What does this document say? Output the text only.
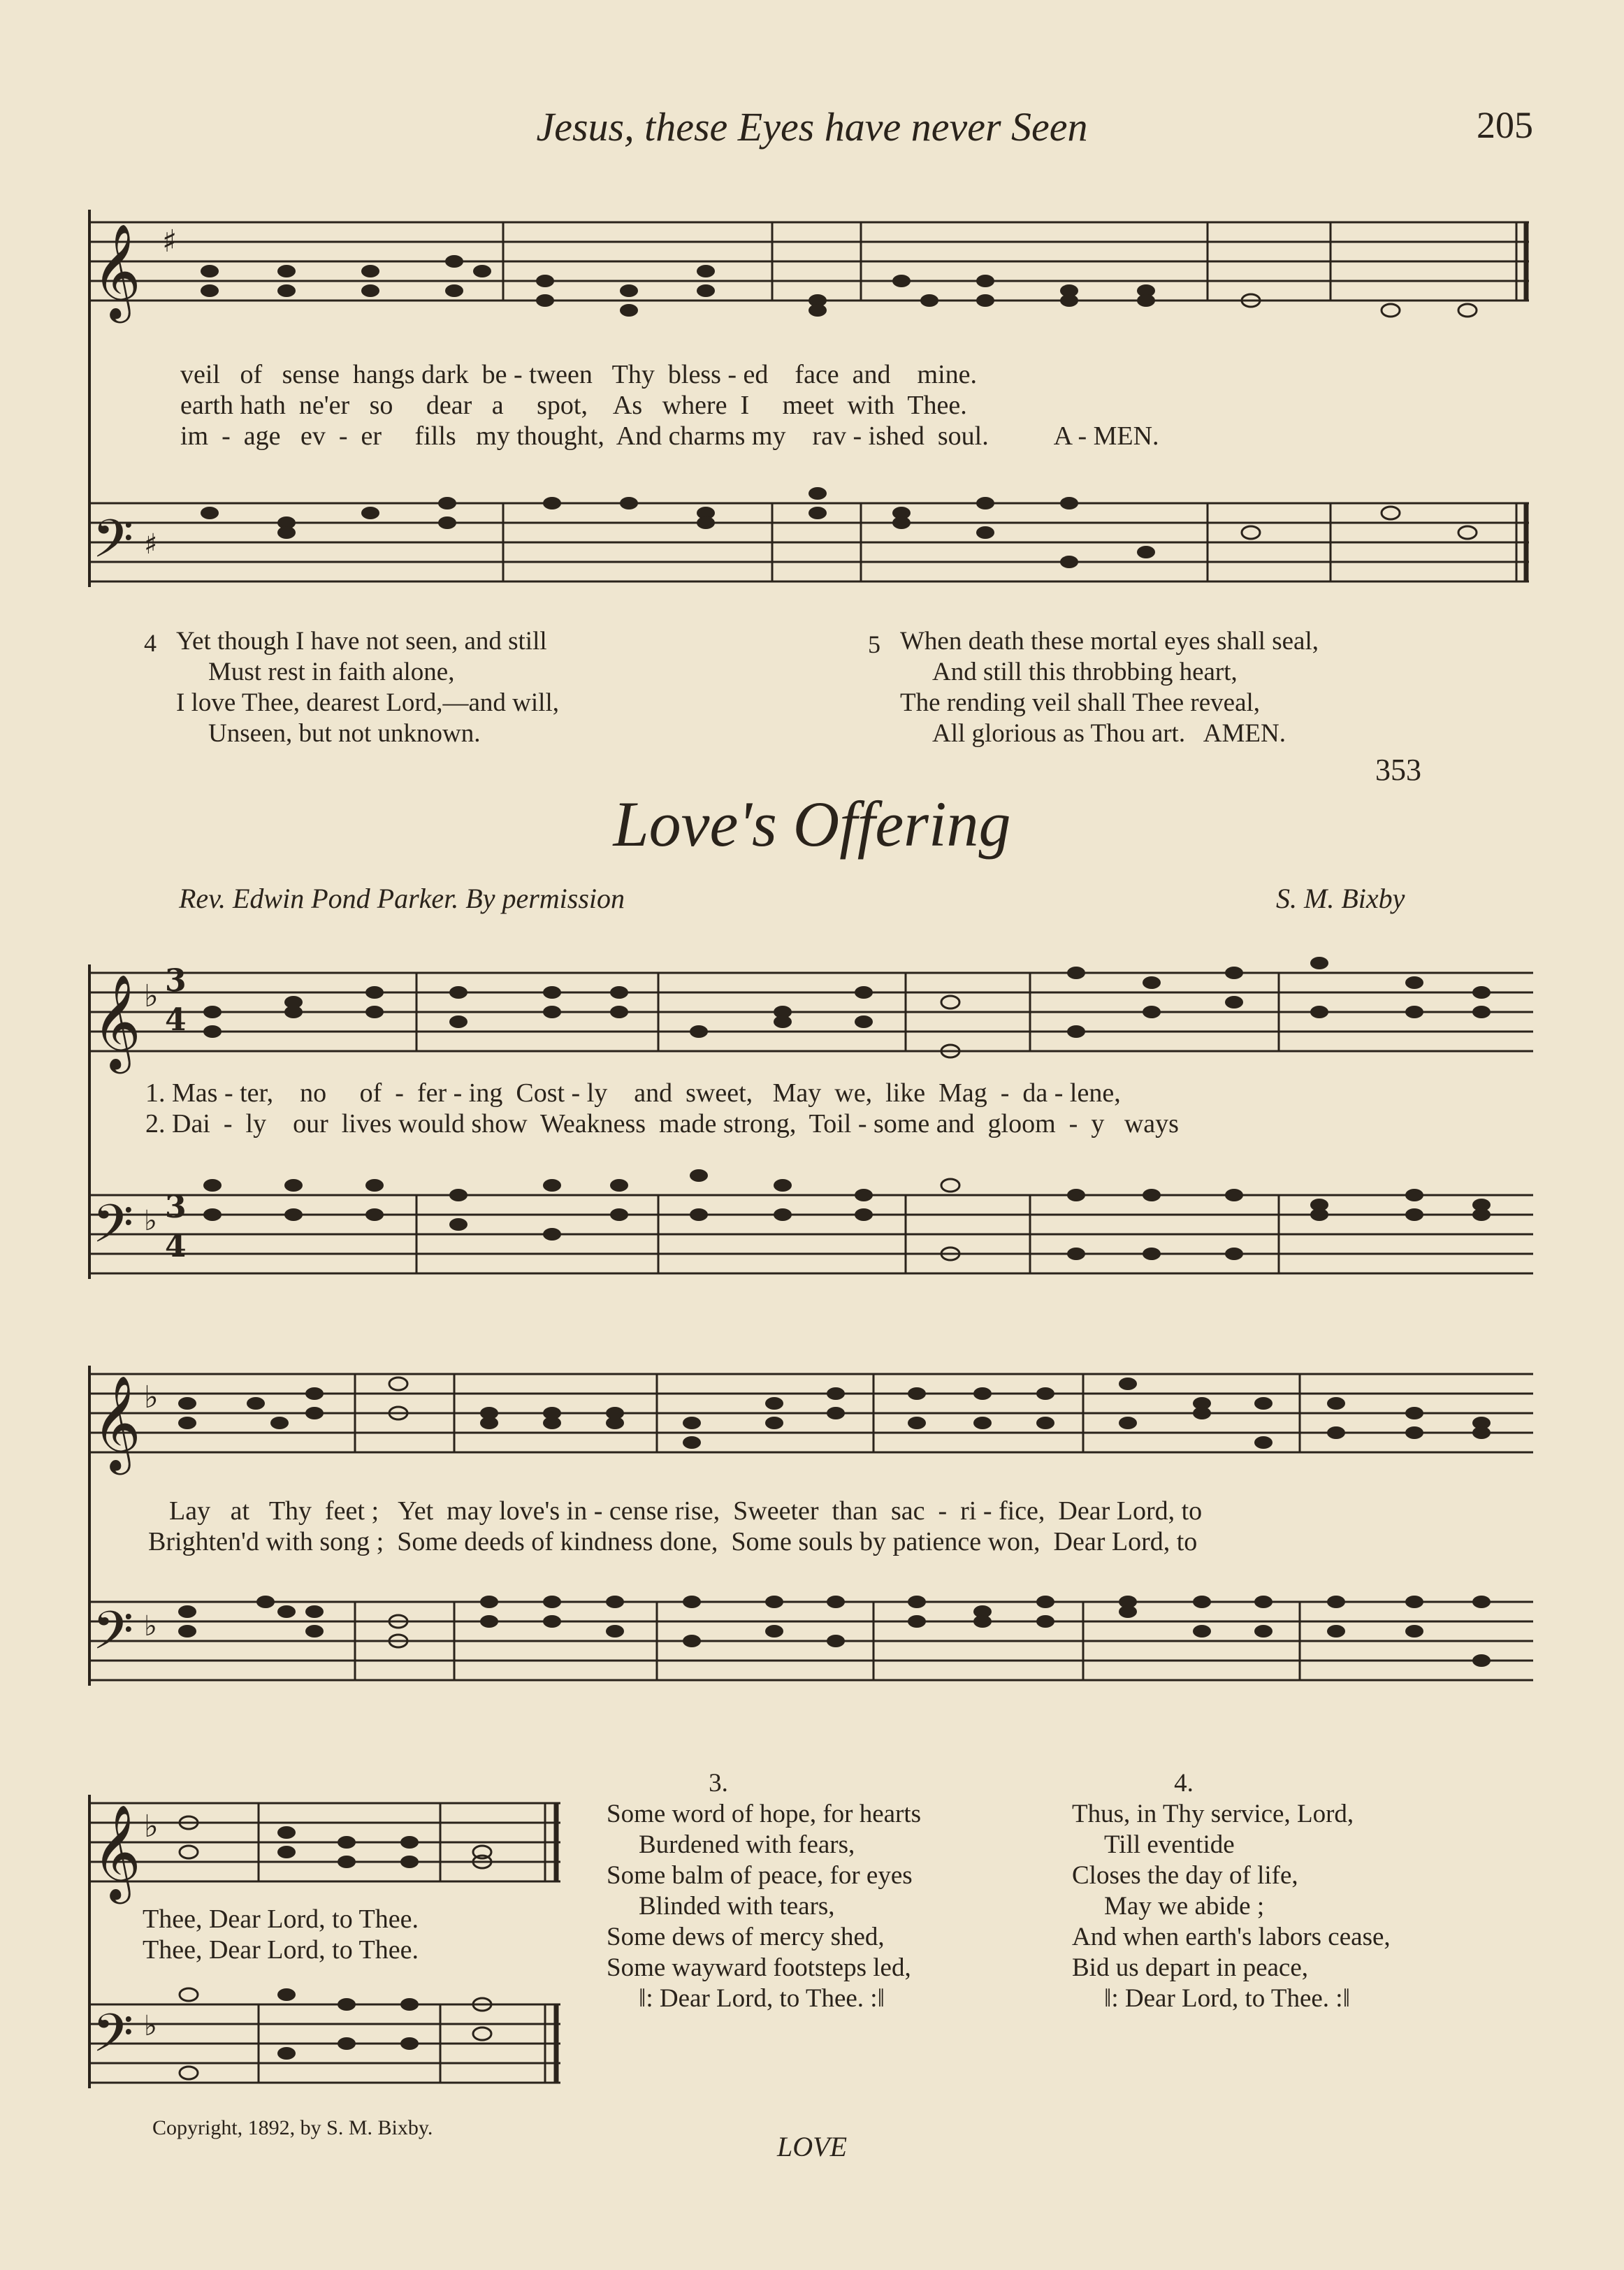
Jesus, these Eyes have never Seen	205
𝄞
𝄢
♯
♯
veil   of   sense  hangs dark  be - tween   Thy  bless - ed    face  and    mine.
earth hath  ne'er   so     dear   a     spot,    As   where  I     meet  with  Thee.
im  -  age   ev  -  er     fills   my thought,  And charms my    rav - ished  soul.          A - MEN.
4 Yet though I have not seen, and still
Must rest in faith alone,
I love Thee, dearest Lord,—and will,
Unseen, but not unknown.
5 When death these mortal eyes shall seal,
And still this throbbing heart,
The rending veil shall Thee reveal,
All glorious as Thou art.   AMEN.
353
Love's Offering
Rev. Edwin Pond Parker. By permission	S. M. Bixby
𝄞
𝄢
𝄞
𝄢
𝄞
𝄢
♭
♭
♭
♭
♭
♭
3
4
3
4
1. Mas - ter,    no     of  -  fer - ing  Cost - ly    and  sweet,   May  we,  like  Mag  -  da - lene,
2. Dai  -  ly    our  lives would show  Weakness  made strong,  Toil - some and  gloom  -  y   ways
Lay   at   Thy  feet ;   Yet  may love's in - cense rise,  Sweeter  than  sac  -  ri - fice,  Dear Lord, to
Brighten'd with song ;  Some deeds of kindness done,  Some souls by patience won,  Dear Lord, to
Thee, Dear Lord, to Thee.
Thee, Dear Lord, to Thee.
3.
Some word of hope, for hearts
Burdened with fears,
Some balm of peace, for eyes
Blinded with tears,
Some dews of mercy shed,
Some wayward footsteps led,
‖: Dear Lord, to Thee. :‖
4.
Thus, in Thy service, Lord,
Till eventide
Closes the day of life,
May we abide ;
And when earth's labors cease,
Bid us depart in peace,
‖: Dear Lord, to Thee. :‖
Copyright, 1892, by S. M. Bixby.
LOVE
